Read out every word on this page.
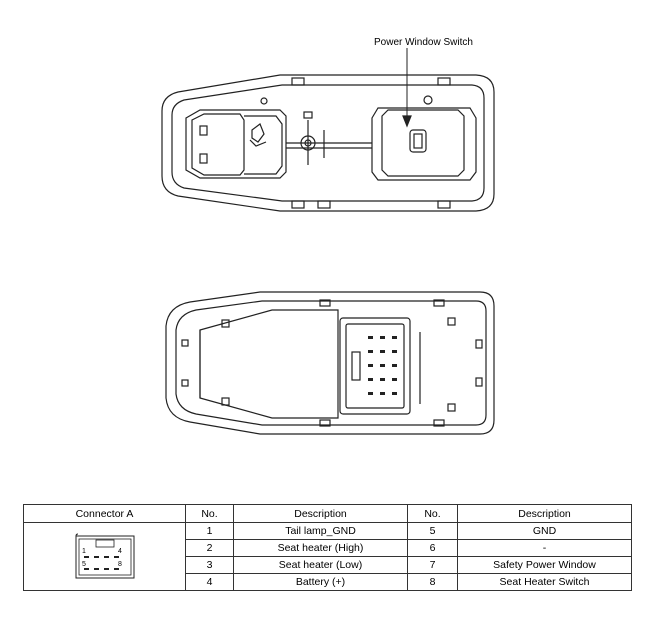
Power Window Switch
Connector A	No.	Description	No.	Description

1 4
5 8	1	Tail lamp_GND	5	GND
	2	Seat heater (High)	6	-
	3	Seat heater (Low)	7	Safety Power Window
	4	Battery (+)	8	Seat Heater Switch
